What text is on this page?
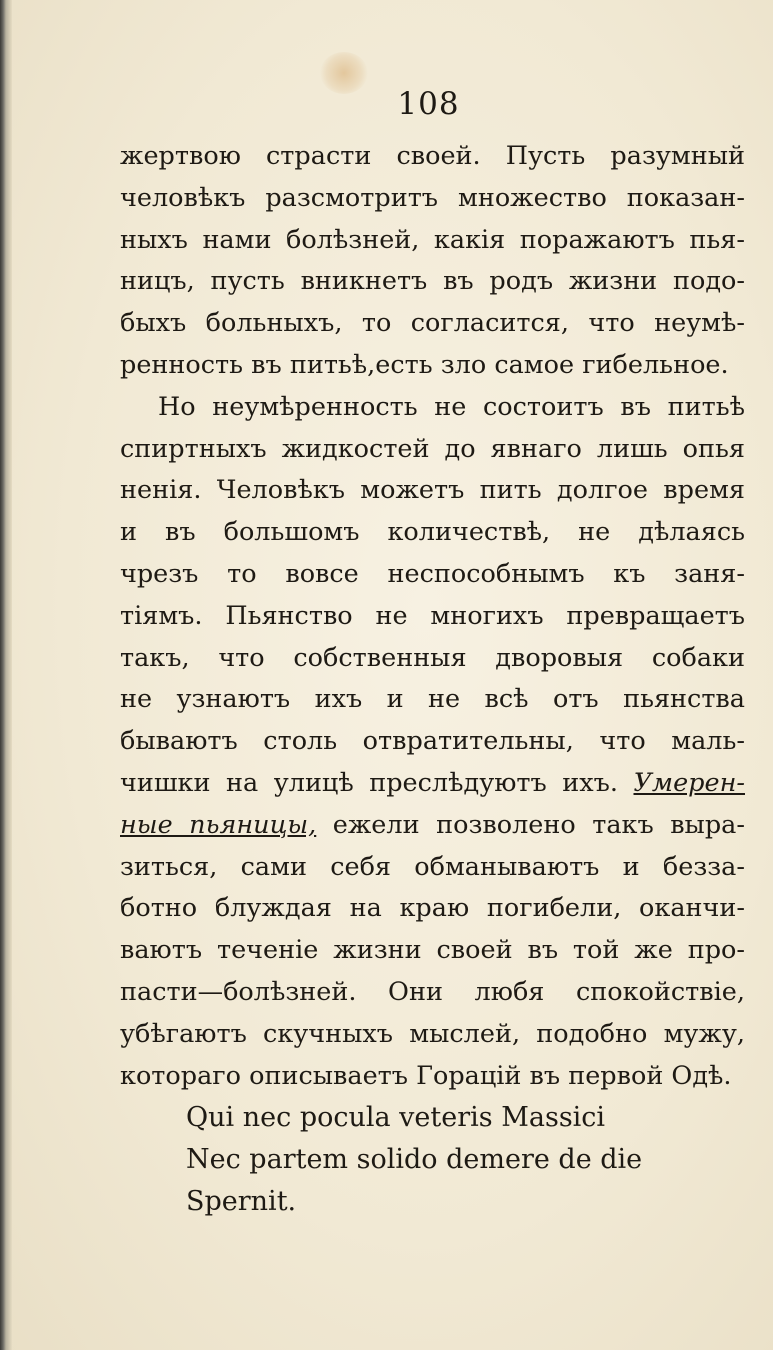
108
жертвою страсти своей. Пусть разумный
человѣкъ разсмотритъ множество показан-
ныхъ нами болѣзней, какія поражаютъ пья-
ницъ, пусть вникнетъ въ родъ жизни подо-
быхъ больныхъ, то согласится, что неумѣ-
ренность въ питьѣ,есть зло самое гибельное.
Но неумѣренность не состоитъ въ питьѣ
спиртныхъ жидкостей до явнаго лишь опья
ненія. Человѣкъ можетъ пить долгое время
и въ большомъ количествѣ, не дѣлаясь
чрезъ то вовсе неспособнымъ къ заня-
тіямъ. Пьянство не многихъ превращаетъ
такъ, что собственныя дворовыя собаки
не узнаютъ ихъ и не всѣ отъ пьянства
бываютъ столь отвратительны, что маль-
чишки на улицѣ преслѣдуютъ ихъ. Умерен-
ные пьяницы, ежели позволено такъ выра-
зиться, сами себя обманываютъ и безза-
ботно блуждая на краю погибели, оканчи-
ваютъ теченіе жизни своей въ той же про-
пасти—болѣзней. Они любя спокойствіе,
убѣгаютъ скучныхъ мыслей, подобно мужу,
котораго описываетъ Горацій въ первой Одѣ.
Qui nec pocula veteris Massici
Nec partem solido demere de die
Spernit.
